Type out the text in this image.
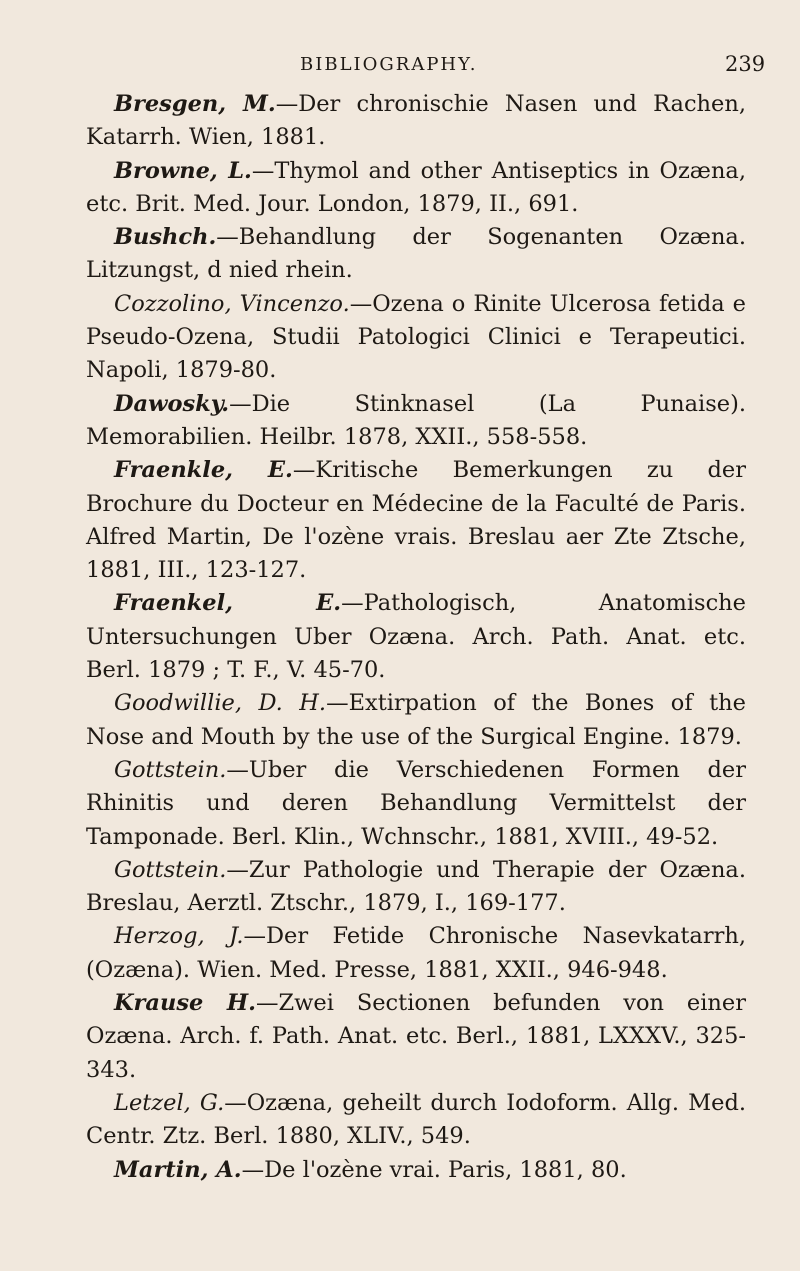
BIBLIOGRAPHY.	239

Bresgen, M.—Der chronischie Nasen und Rachen, Katarrh. Wien, 1881.

Browne, L.—Thymol and other Antiseptics in Ozæna, etc. Brit. Med. Jour. London, 1879, II., 691.

Bushch.—Behandlung der Sogenanten Ozæna. Litzungst, d nied rhein.

Cozzolino, Vincenzo.—Ozena o Rinite Ulcerosa fetida e Pseudo-Ozena, Studii Patologici Clinici e Terapeutici. Napoli, 1879-80.

Dawosky.—Die Stinknasel (La Punaise). Memorabilien. Heilbr. 1878, XXII., 558-558.

Fraenkle, E.—Kritische Bemerkungen zu der Brochure du Docteur en Médecine de la Faculté de Paris. Alfred Martin, De l'ozène vrais. Breslau aer Zte Ztsche, 1881, III., 123-127.

Fraenkel, E.—Pathologisch, Anatomische Untersuchungen Uber Ozæna. Arch. Path. Anat. etc. Berl. 1879 ; T. F., V. 45-70.

Goodwillie, D. H.—Extirpation of the Bones of the Nose and Mouth by the use of the Surgical Engine. 1879.

Gottstein.—Uber die Verschiedenen Formen der Rhinitis und deren Behandlung Vermittelst der Tamponade. Berl. Klin., Wchnschr., 1881, XVIII., 49-52.

Gottstein.—Zur Pathologie und Therapie der Ozæna. Breslau, Aerztl. Ztschr., 1879, I., 169-177.

Herzog, J.—Der Fetide Chronische Nasevkatarrh, (Ozæna). Wien. Med. Presse, 1881, XXII., 946-948.

Krause H.—Zwei Sectionen befunden von einer Ozæna. Arch. f. Path. Anat. etc. Berl., 1881, LXXXV., 325-343.

Letzel, G.—Ozæna, geheilt durch Iodoform. Allg. Med. Centr. Ztz. Berl. 1880, XLIV., 549.

Martin, A.—De l'ozène vrai. Paris, 1881, 80.
